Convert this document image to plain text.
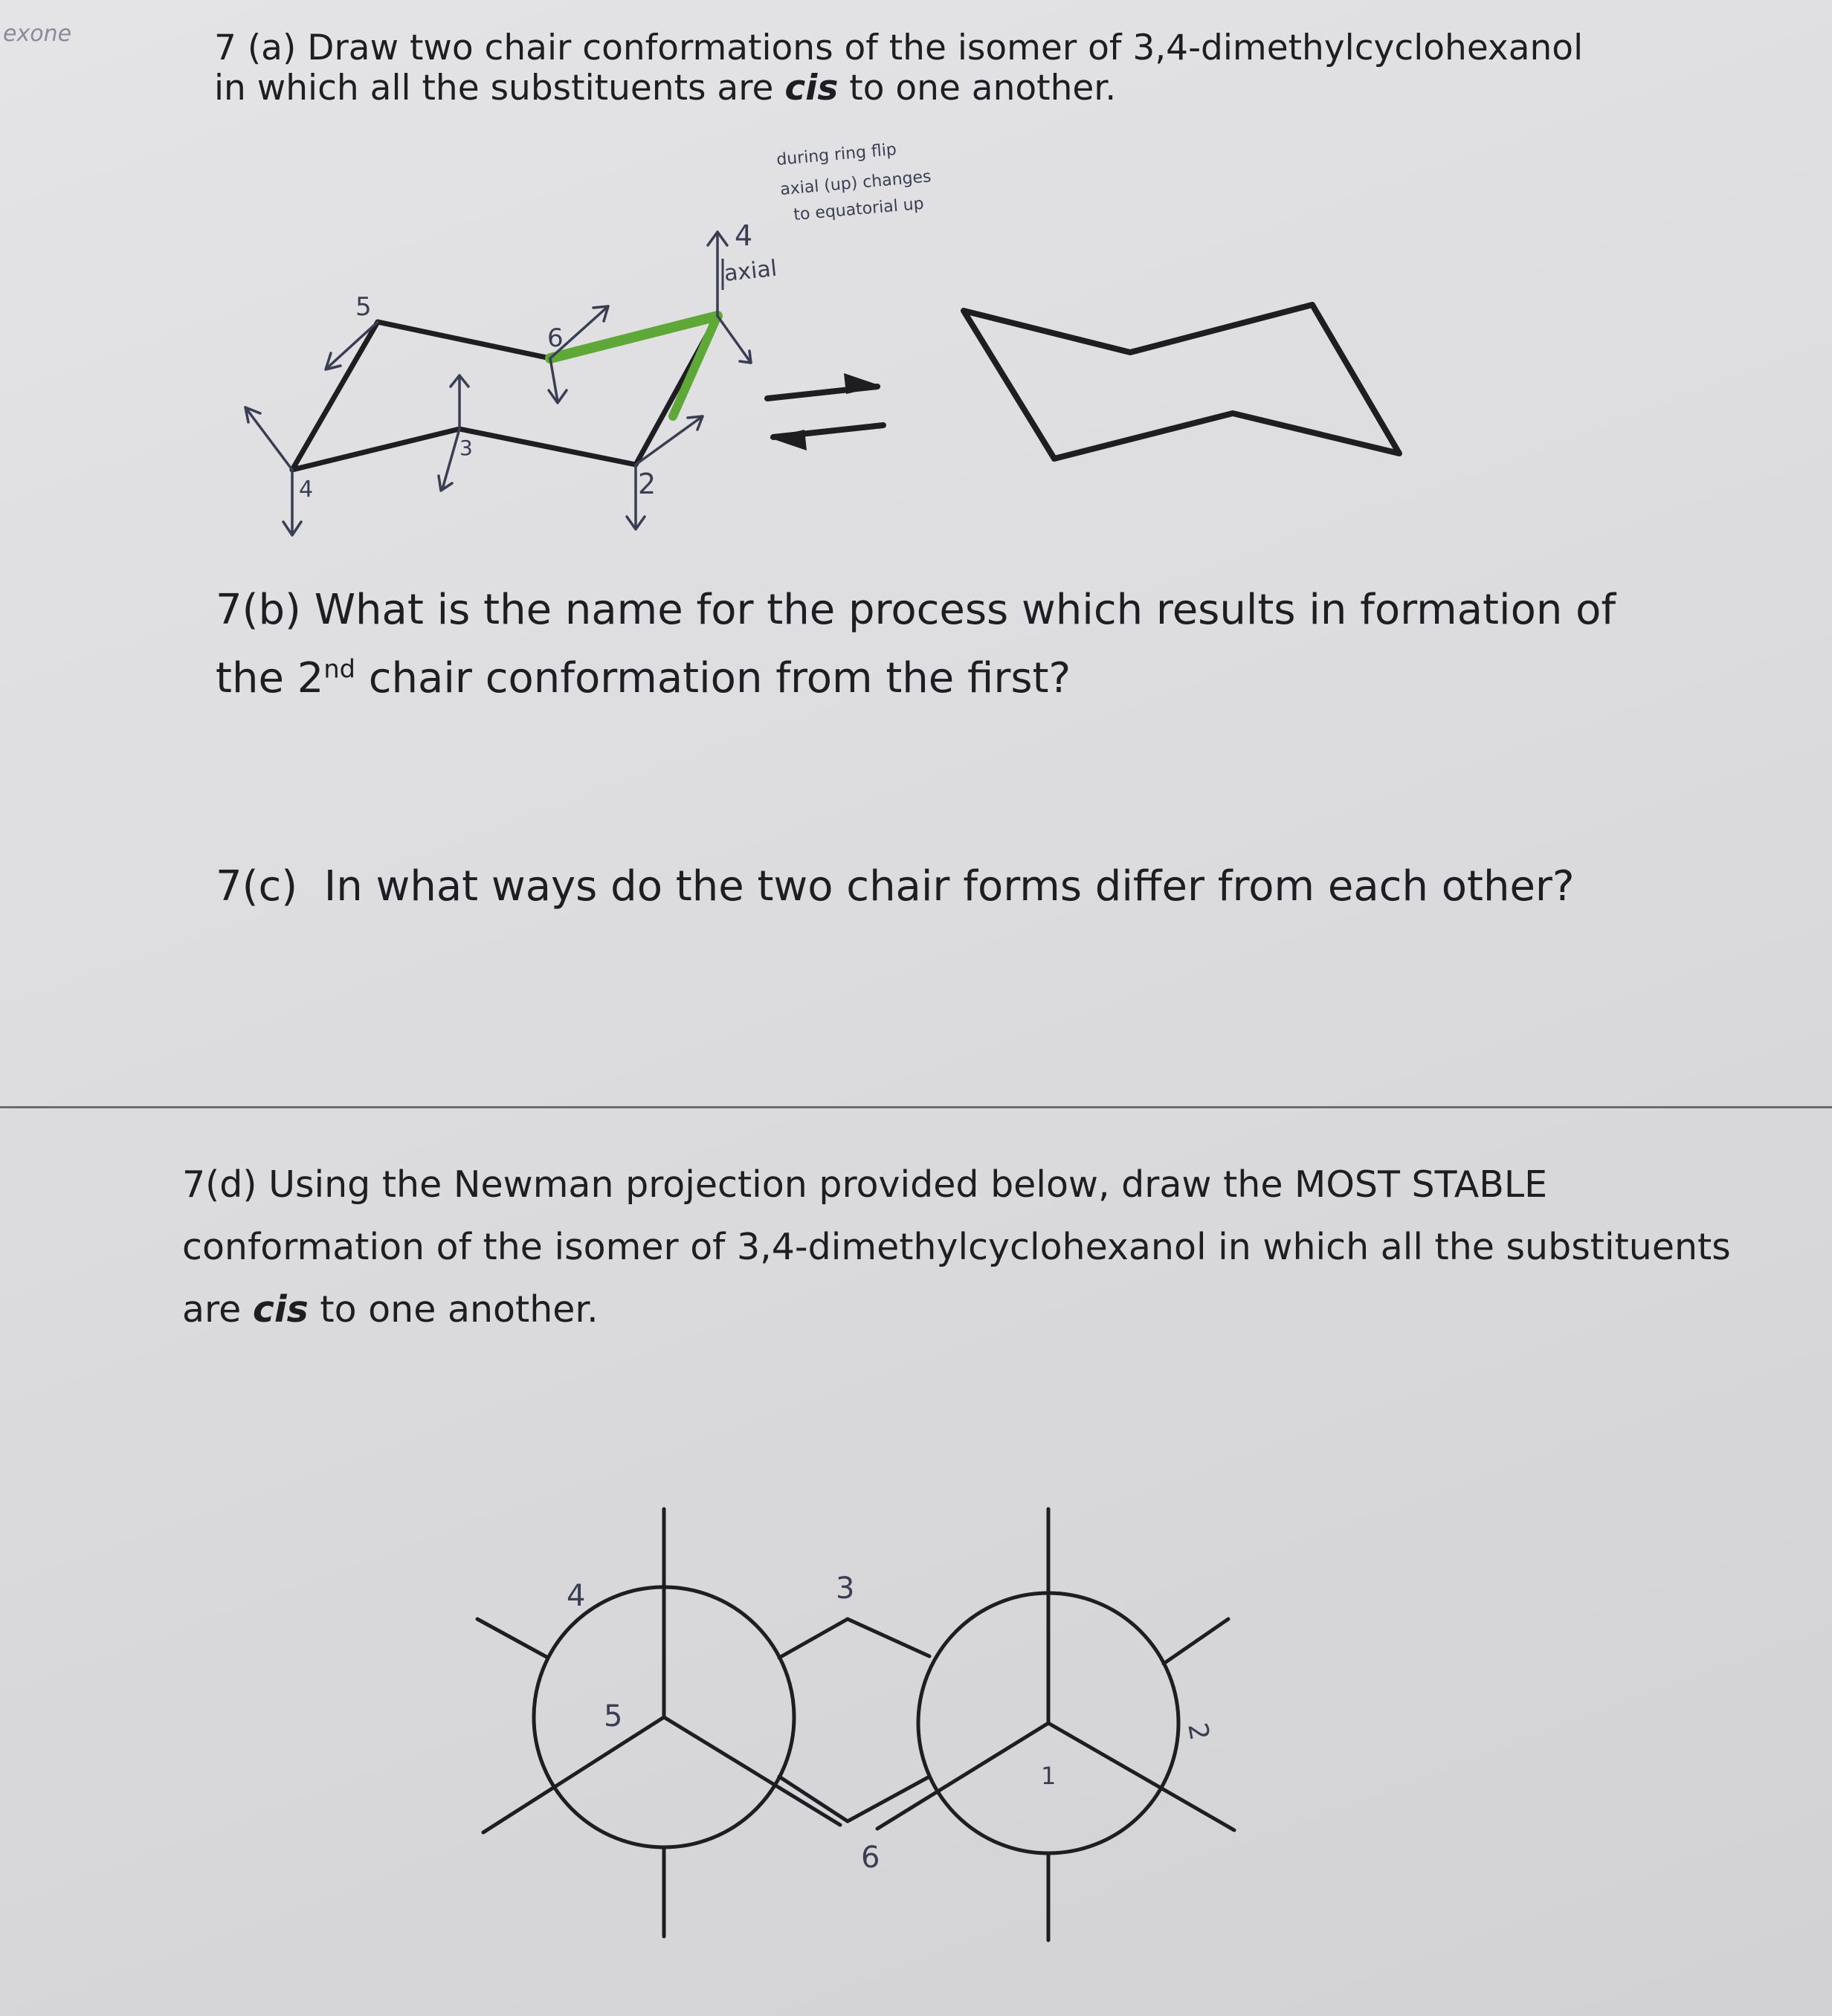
exone	7 (a) Draw two chair conformations of the isomer of 3,4-dimethylcyclohexanol
in which all the substituents are cis to one another.

4
5
6
3
2
4
axial
during ring flip
axial (up) changes
to equatorial up
4
5
3
6
2
1

7(b) What is the name for the process which results in formation of the 2nd chair conformation from the first?

7(c) In what ways do the two chair forms differ from each other?

7(d) Using the Newman projection provided below, draw the MOST STABLE conformation of the isomer of 3,4-dimethylcyclohexanol in which all the substituents are cis to one another.
